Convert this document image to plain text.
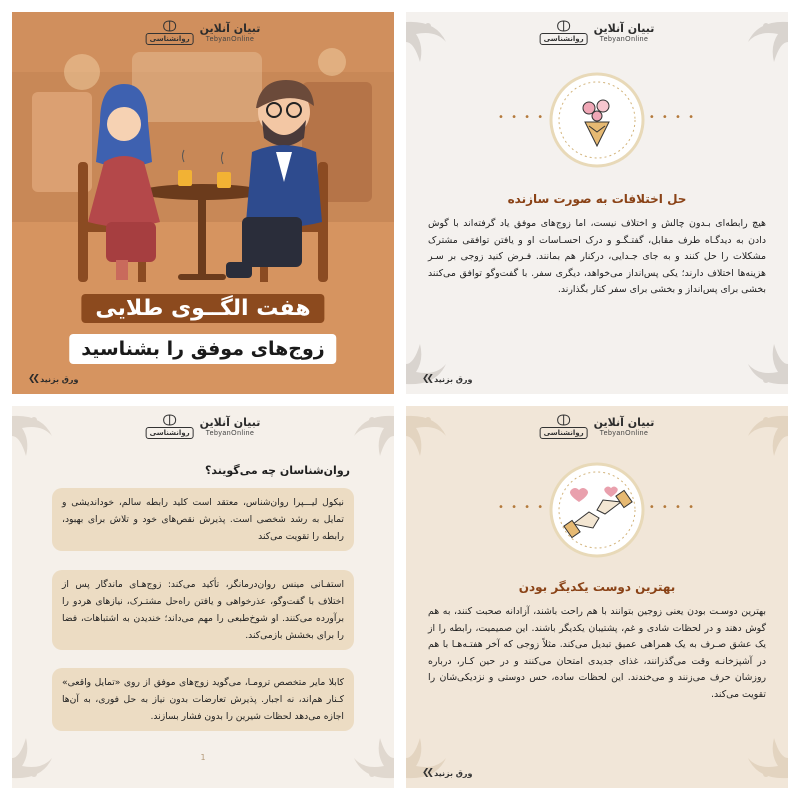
روانشناسی
تبیان آنلاین
TebyanOnline
هفت الگــوی طلایی
زوج‌های موفق را بشناسید
❮❮ ورق بزنید
روانشناسی
تبیان آنلاین
TebyanOnline
• • • •	• • • •
حل اختلافات به صورت سازنده
هیچ رابطه‌ای بـدون چالش و اختلاف نیست، اما زوج‌های موفق یاد گرفته‌اند با گوش دادن به دیدگـاه طرف مقابل، گفتـگـو و درک احسـاسات او و یافتن توافقی مشترک مشکلات را حل کنند و به جای جـدایی، درکنار هم بمانند. فـرض کنید زوجی بر سـر هزینه‌ها اختلاف دارند؛ یکی پس‌انداز می‌خواهد، دیگری سفر. با گفت‌وگو توافق می‌کنند بخشی برای پس‌انداز و بخشی برای سفر کنار بگذارند.
❮❮ ورق بزنید
روانشناسی
تبیان آنلاین
TebyanOnline
روان‌شناسان چه می‌گویند؟
نیکول لیـــپرا روان‌شناس، معتقد است کلید رابطه سالم، خوداندیشی و تمایل به رشد شخصی است. پذیرش نقص‌های خود و تلاش برای بهبود، رابطه را تقویت می‌کند
استفـانی مینس روان‌درمانگر، تأکید می‌کند: زوج‌هـای ماندگار پس از اختلاف با گفت‌وگو، عذرخواهی و یافتن راه‌حل مشتـرک، نیازهای هردو را برآورده می‌کنند. او شوخ‌طبعی را مهم می‌داند؛ خندیدن به اشتباهات، فضا را برای بخشش بازمی‌کند.
کابلا مایر متخصص ترومـا، می‌گوید زوج‌های موفق از روی «تمایل واقعی» کـنار هم‌اند، نه اجبار. پذیرش تعارضات بدون نیاز به حل فوری، به آن‌ها اجازه می‌دهد لحظات شیرین را بدون فشار بسازند.
1
روانشناسی
تبیان آنلاین
TebyanOnline
• • • •	• • • •
بهترین دوست یکدیگر بودن
بهترین دوسـت بودن یعنی زوجین بتوانند با هم راحت باشند، آزادانه صحبت کنند، به هم گوش دهند و در لحظات شادی و غم، پشتیبان یکدیگر باشند. این صمیمیت، رابطه را از یک عشق صـرف به یک همراهی عمیق تبدیل می‌کند. مثلاً زوجی که آخر هفتـه‌هـا با هم در آشپزخانـه وقت می‌گذرانند، غذای جدیدی امتحان می‌کنند و در حین کـار، درباره روزشان حرف می‌زنند و می‌خندند. این لحظات ساده، حس دوستی و نزدیکی‌شان را تقویت می‌کند.
❮❮ ورق بزنید
